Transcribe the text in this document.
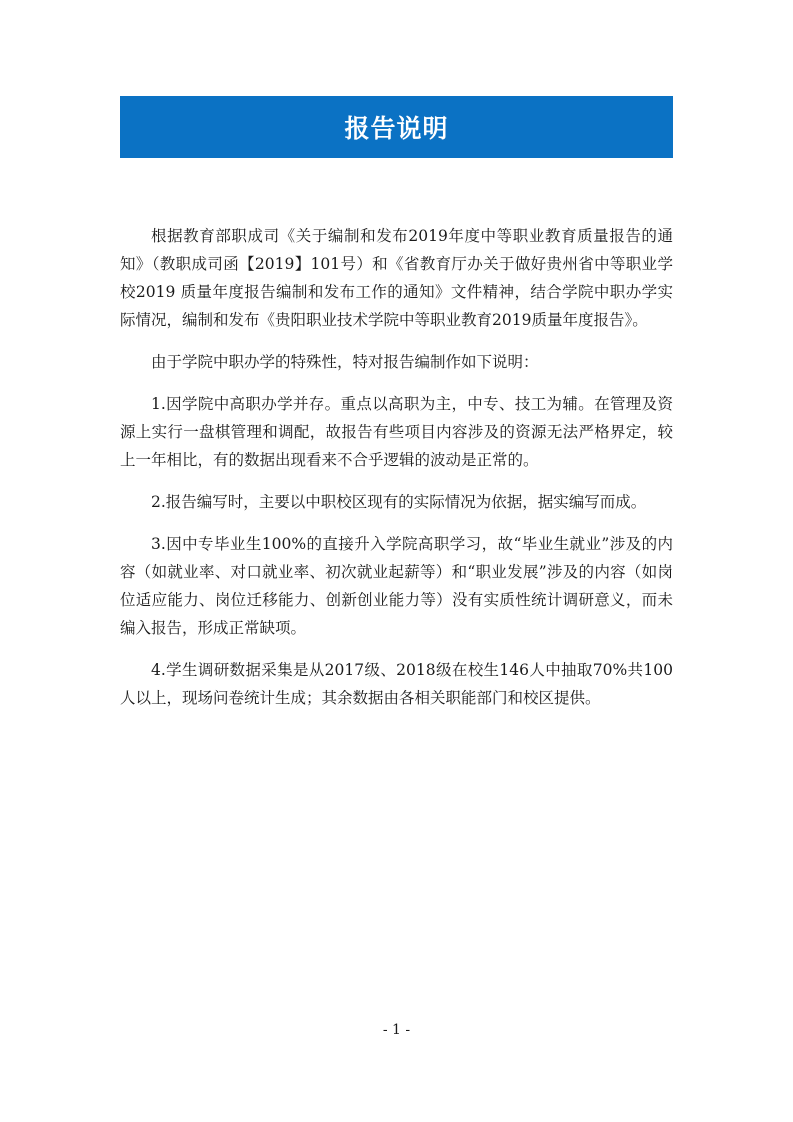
报告说明

根据教育部职成司《关于编制和发布2019年度中等职业教育质量报告的通知》（教职成司函【2019】101号）和《省教育厅办关于做好贵州省中等职业学校2019 质量年度报告编制和发布工作的通知》文件精神，结合学院中职办学实际情况，编制和发布《贵阳职业技术学院中等职业教育2019质量年度报告》。

由于学院中职办学的特殊性，特对报告编制作如下说明：

1.因学院中高职办学并存。重点以高职为主，中专、技工为辅。在管理及资源上实行一盘棋管理和调配，故报告有些项目内容涉及的资源无法严格界定，较上一年相比，有的数据出现看来不合乎逻辑的波动是正常的。

2.报告编写时，主要以中职校区现有的实际情况为依据，据实编写而成。

3.因中专毕业生100%的直接升入学院高职学习，故“毕业生就业”涉及的内容（如就业率、对口就业率、初次就业起薪等）和“职业发展”涉及的内容（如岗位适应能力、岗位迁移能力、创新创业能力等）没有实质性统计调研意义，而未编入报告，形成正常缺项。

4.学生调研数据采集是从2017级、2018级在校生146人中抽取70%共100人以上，现场问卷统计生成；其余数据由各相关职能部门和校区提供。

- 1 -
